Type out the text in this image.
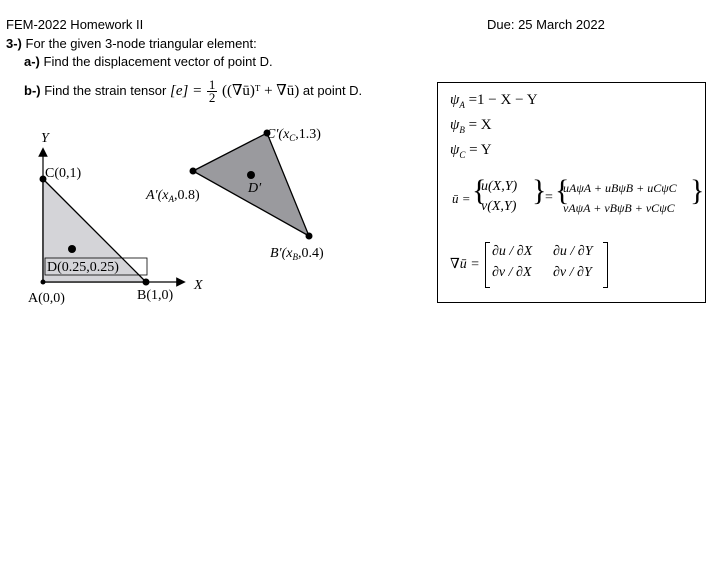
FEM-2022 Homework II	Due: 25 March 2022
3-) For the given 3-node triangular element:
a-) Find the displacement vector of point D.
b-) Find the strain tensor $[e] = \frac{1}{2}$ ((∇ū)ᵀ + ∇ū) at point D.
Y
X
C(0,1)
A(0,0)	B(1,0)
D(0.25,0.25)
D′
$C'(x_C,1.3)$
$A'(x_A,0.8)$
$B'(x_B,0.4)$
$\psi_A =1 - X - Y$
$\psi_B = X$
$\psi_C = Y$
ū = {
u(X,Y)
v(X,Y) }
= {
uAψA + uBψB + uCψC
vAψA + vBψB + vCψC
}
∇ū =
∂u / ∂X ∂u / ∂Y
∂v / ∂X ∂v / ∂Y
